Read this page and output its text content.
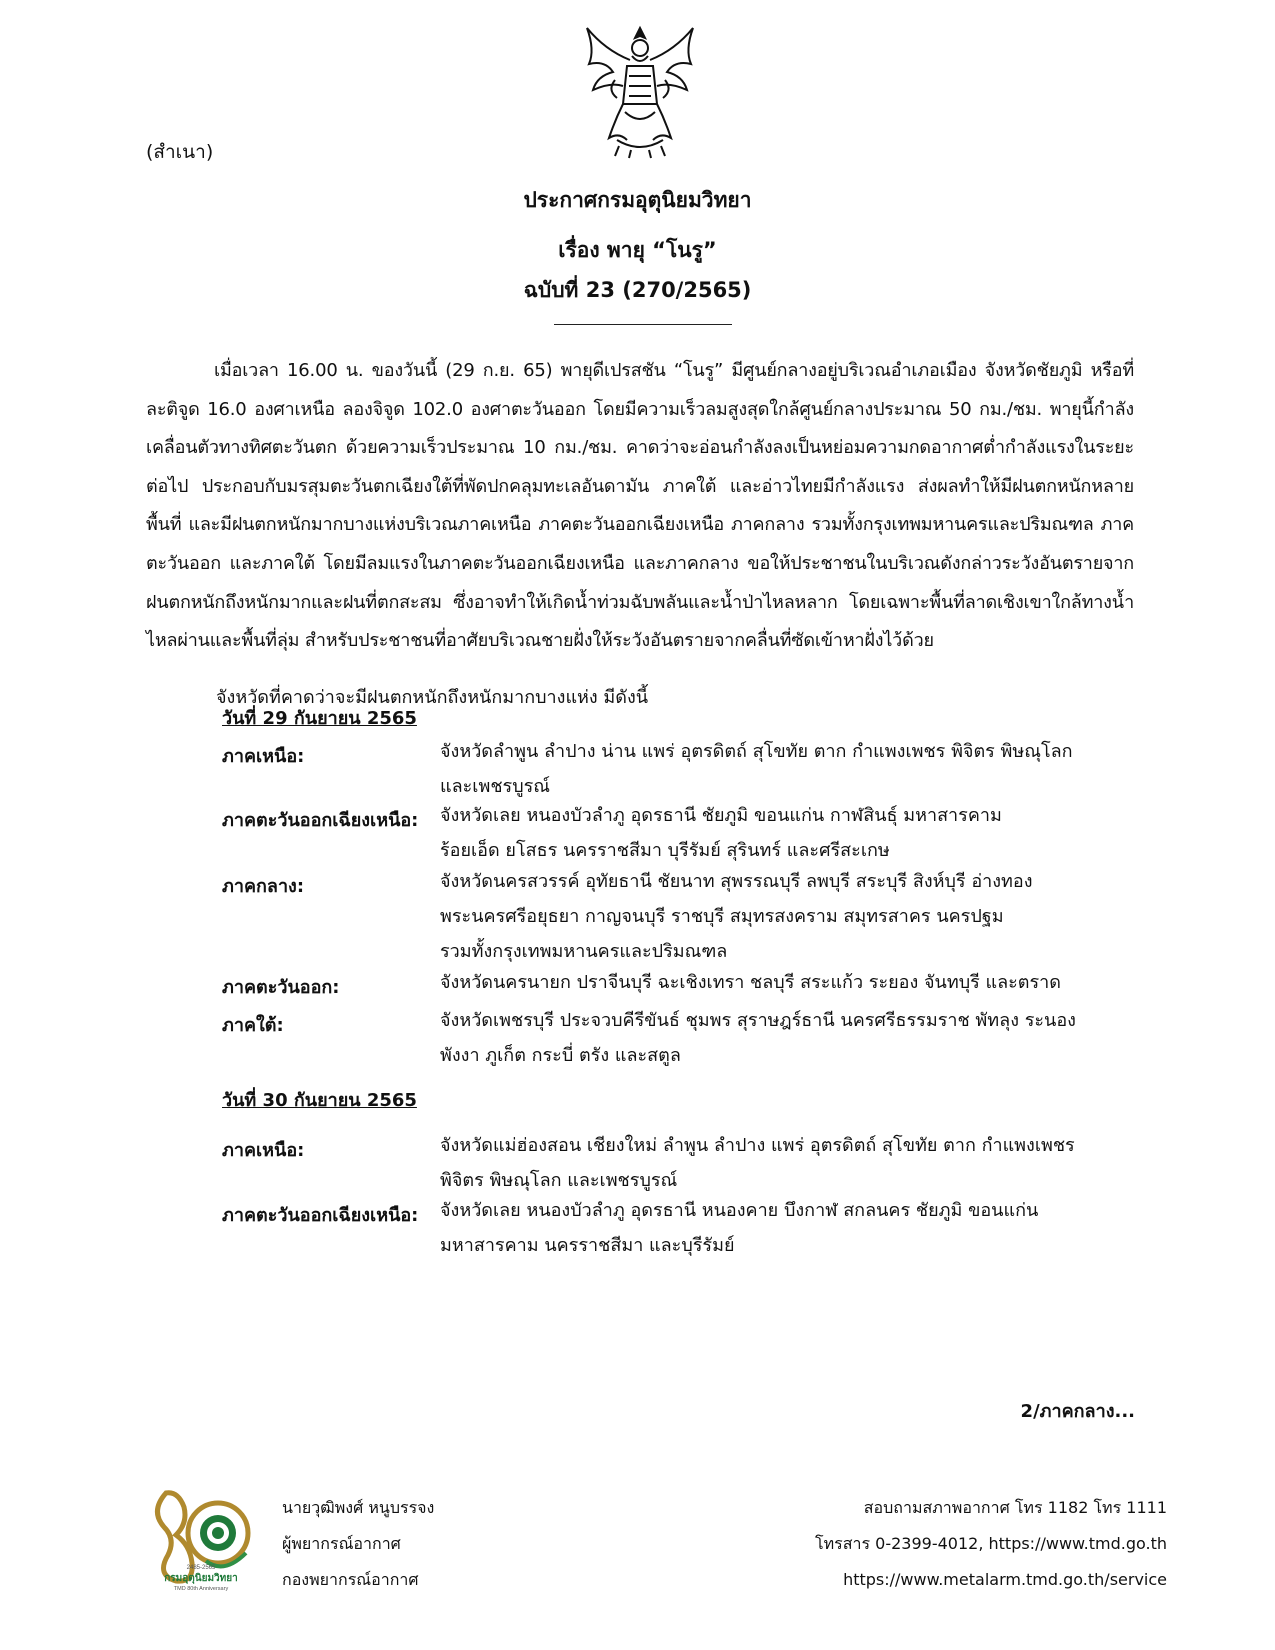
(สำเนา)
ประกาศกรมอุตุนิยมวิทยา
เรื่อง พายุ “โนรู”
ฉบับที่ 23 (270/2565)
เมื่อเวลา 16.00 น. ของวันนี้ (29 ก.ย. 65) พายุดีเปรสชัน “โนรู” มีศูนย์กลางอยู่บริเวณอำเภอเมือง จังหวัดชัยภูมิ หรือที่ละติจูด 16.0 องศาเหนือ ลองจิจูด 102.0 องศาตะวันออก โดยมีความเร็วลมสูงสุดใกล้ศูนย์กลางประมาณ 50 กม./ชม. พายุนี้กำลังเคลื่อนตัวทางทิศตะวันตก ด้วยความเร็วประมาณ 10 กม./ชม. คาดว่าจะอ่อนกำลังลงเป็นหย่อมความกดอากาศต่ำกำลังแรงในระยะต่อไป ประกอบกับมรสุมตะวันตกเฉียงใต้ที่พัดปกคลุมทะเลอันดามัน ภาคใต้ และอ่าวไทยมีกำลังแรง ส่งผลทำให้มีฝนตกหนักหลายพื้นที่ และมีฝนตกหนักมากบางแห่งบริเวณภาคเหนือ ภาคตะวันออกเฉียงเหนือ ภาคกลาง รวมทั้งกรุงเทพมหานครและปริมณฑล ภาคตะวันออก และภาคใต้ โดยมีลมแรงในภาคตะวันออกเฉียงเหนือ และภาคกลาง ขอให้ประชาชนในบริเวณดังกล่าวระวังอันตรายจากฝนตกหนักถึงหนักมากและฝนที่ตกสะสม ซึ่งอาจทำให้เกิดน้ำท่วมฉับพลันและน้ำป่าไหลหลาก โดยเฉพาะพื้นที่ลาดเชิงเขาใกล้ทางน้ำไหลผ่านและพื้นที่ลุ่ม สำหรับประชาชนที่อาศัยบริเวณชายฝั่งให้ระวังอันตรายจากคลื่นที่ซัดเข้าหาฝั่งไว้ด้วย
จังหวัดที่คาดว่าจะมีฝนตกหนักถึงหนักมากบางแห่ง มีดังนี้
วันที่ 29 กันยายน 2565
ภาคเหนือ:	จังหวัดลำพูน ลำปาง น่าน แพร่ อุตรดิตถ์ สุโขทัย ตาก กำแพงเพชร พิจิตร พิษณุโลก
และเพชรบูรณ์
ภาคตะวันออกเฉียงเหนือ: จังหวัดเลย หนองบัวลำภู อุดรธานี ชัยภูมิ ขอนแก่น กาฬสินธุ์ มหาสารคาม
ร้อยเอ็ด ยโสธร นครราชสีมา บุรีรัมย์ สุรินทร์ และศรีสะเกษ
ภาคกลาง:	จังหวัดนครสวรรค์ อุทัยธานี ชัยนาท สุพรรณบุรี ลพบุรี สระบุรี สิงห์บุรี อ่างทอง
พระนครศรีอยุธยา กาญจนบุรี ราชบุรี สมุทรสงคราม สมุทรสาคร นครปฐม
รวมทั้งกรุงเทพมหานครและปริมณฑล
ภาคตะวันออก:	จังหวัดนครนายก ปราจีนบุรี ฉะเชิงเทรา ชลบุรี สระแก้ว ระยอง จันทบุรี และตราด
ภาคใต้:	จังหวัดเพชรบุรี ประจวบคีรีขันธ์ ชุมพร สุราษฎร์ธานี นครศรีธรรมราช พัทลุง ระนอง
พังงา ภูเก็ต กระบี่ ตรัง และสตูล
วันที่ 30 กันยายน 2565
ภาคเหนือ:	จังหวัดแม่ฮ่องสอน เชียงใหม่ ลำพูน ลำปาง แพร่ อุตรดิตถ์ สุโขทัย ตาก กำแพงเพชร
พิจิตร พิษณุโลก และเพชรบูรณ์
ภาคตะวันออกเฉียงเหนือ: จังหวัดเลย หนองบัวลำภู อุดรธานี หนองคาย บึงกาฬ สกลนคร ชัยภูมิ ขอนแก่น
มหาสารคาม นครราชสีมา และบุรีรัมย์
2/ภาคกลาง...
2485-2565
กรมอุตุนิยมวิทยา
TMD 80th Anniversary
นายวุฒิพงศ์ หนูบรรจง
ผู้พยากรณ์อากาศ
กองพยากรณ์อากาศ
สอบถามสภาพอากาศ โทร 1182 โทร 1111
โทรสาร 0-2399-4012, https://www.tmd.go.th
https://www.metalarm.tmd.go.th/service
